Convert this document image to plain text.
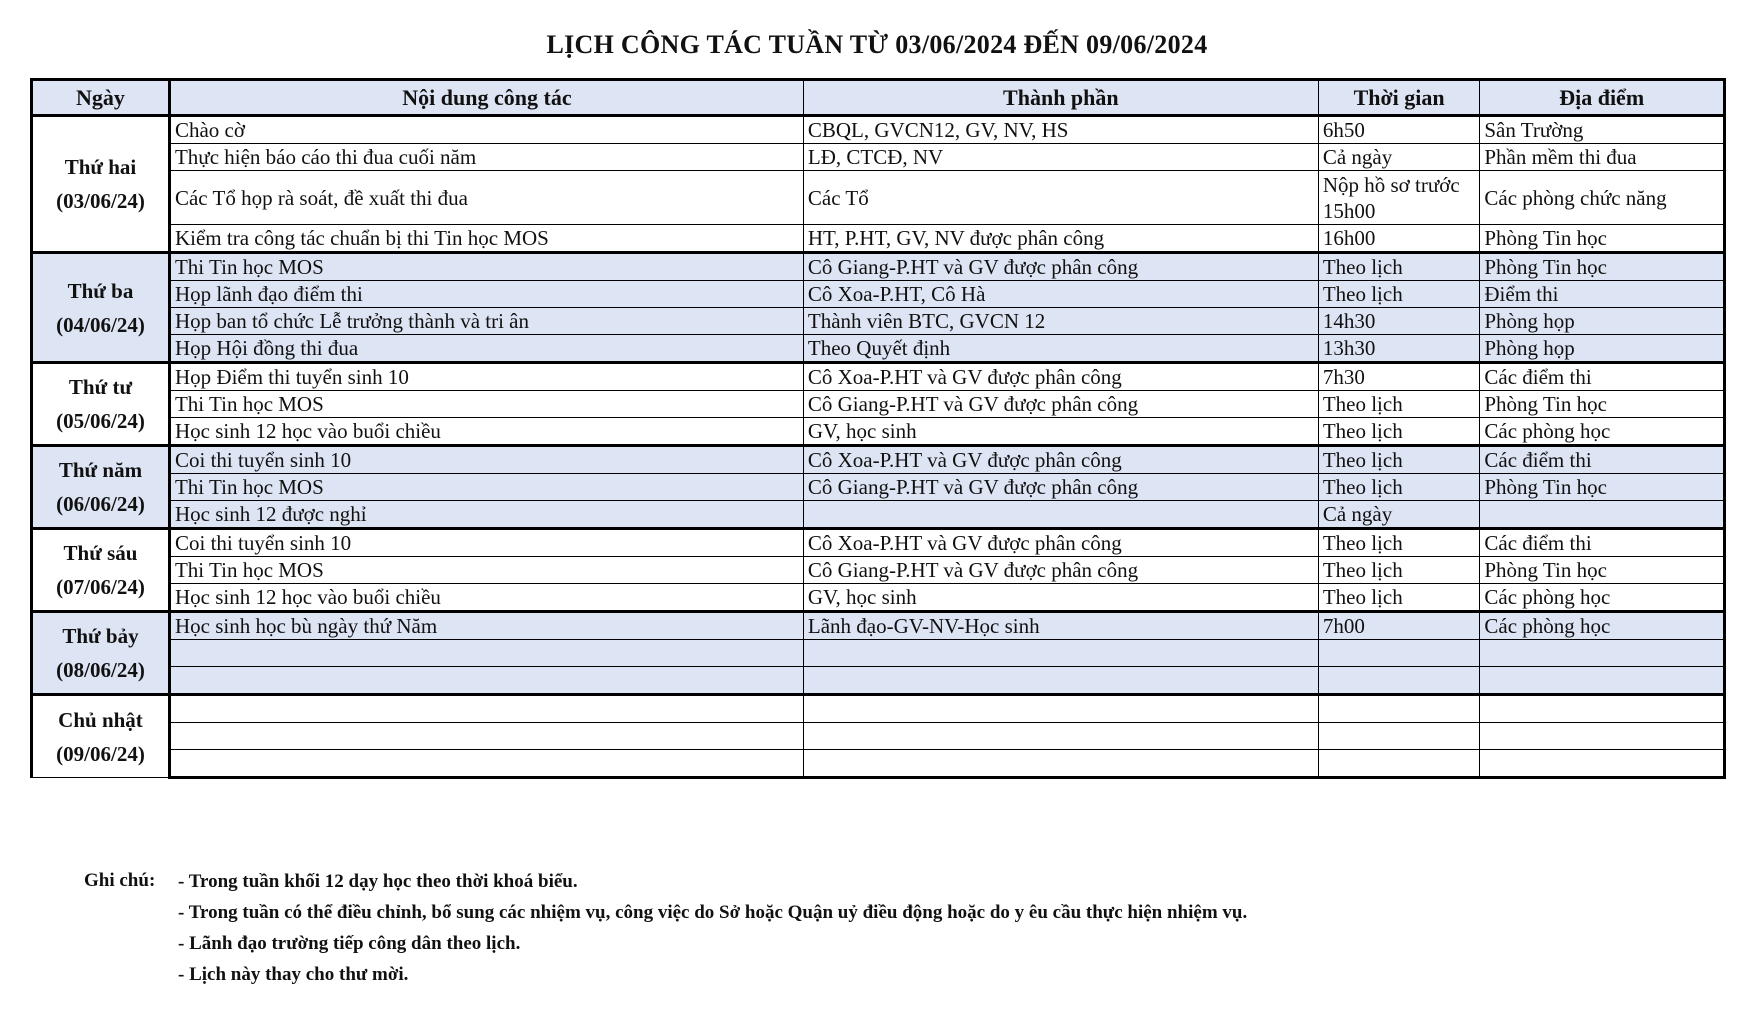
LỊCH CÔNG TÁC TUẦN TỪ 03/06/2024 ĐẾN 09/06/2024
Ngày	Nội dung công tác	Thành phần	Thời gian	Địa điểm

Thứ hai
(03/06/24)	Chào cờ	CBQL, GVCN12, GV, NV, HS	6h50	Sân Trường
	Thực hiện báo cáo thi đua cuối năm	LĐ, CTCĐ, NV	Cả ngày	Phần mềm thi đua
	Các Tổ họp rà soát, đề xuất thi đua	Các Tổ	Nộp hồ sơ trước 15h00	Các phòng chức năng
	Kiểm tra công tác chuẩn bị thi Tin học MOS	HT, P.HT, GV, NV được phân công	16h00	Phòng Tin học

Thứ ba
(04/06/24)	Thi Tin học MOS	Cô Giang-P.HT và GV được phân công	Theo lịch	Phòng Tin học
	Họp lãnh đạo điểm thi	Cô Xoa-P.HT, Cô Hà	Theo lịch	Điểm thi
	Họp ban tổ chức Lễ trưởng thành và tri ân	Thành viên BTC, GVCN 12	14h30	Phòng họp
	Họp Hội đồng thi đua	Theo Quyết định	13h30	Phòng họp

Thứ tư
(05/06/24)	Họp Điểm thi tuyển sinh 10	Cô Xoa-P.HT và GV được phân công	7h30	Các điểm thi
	Thi Tin học MOS	Cô Giang-P.HT và GV được phân công	Theo lịch	Phòng Tin học
	Học sinh 12 học vào buổi chiều	GV, học sinh	Theo lịch	Các phòng học

Thứ năm
(06/06/24)	Coi thi tuyển sinh 10	Cô Xoa-P.HT và GV được phân công	Theo lịch	Các điểm thi
	Thi Tin học MOS	Cô Giang-P.HT và GV được phân công	Theo lịch	Phòng Tin học
	Học sinh 12 được nghỉ		Cả ngày	

Thứ sáu
(07/06/24)	Coi thi tuyển sinh 10	Cô Xoa-P.HT và GV được phân công	Theo lịch	Các điểm thi
	Thi Tin học MOS	Cô Giang-P.HT và GV được phân công	Theo lịch	Phòng Tin học
	Học sinh 12 học vào buổi chiều	GV, học sinh	Theo lịch	Các phòng học

Thứ bảy
(08/06/24)	Học sinh học bù ngày thứ Năm	Lãnh đạo-GV-NV-Học sinh	7h00	Các phòng học

Chủ nhật
(09/06/24)				

Ghi chú:	- Trong tuần khối 12 dạy học theo thời khoá biểu.
- Trong tuần có thể điều chỉnh, bổ sung các nhiệm vụ, công việc do Sở hoặc Quận uỷ điều động hoặc do y êu cầu thực hiện nhiệm vụ.
- Lãnh đạo trường tiếp công dân theo lịch.
- Lịch này thay cho thư mời.
